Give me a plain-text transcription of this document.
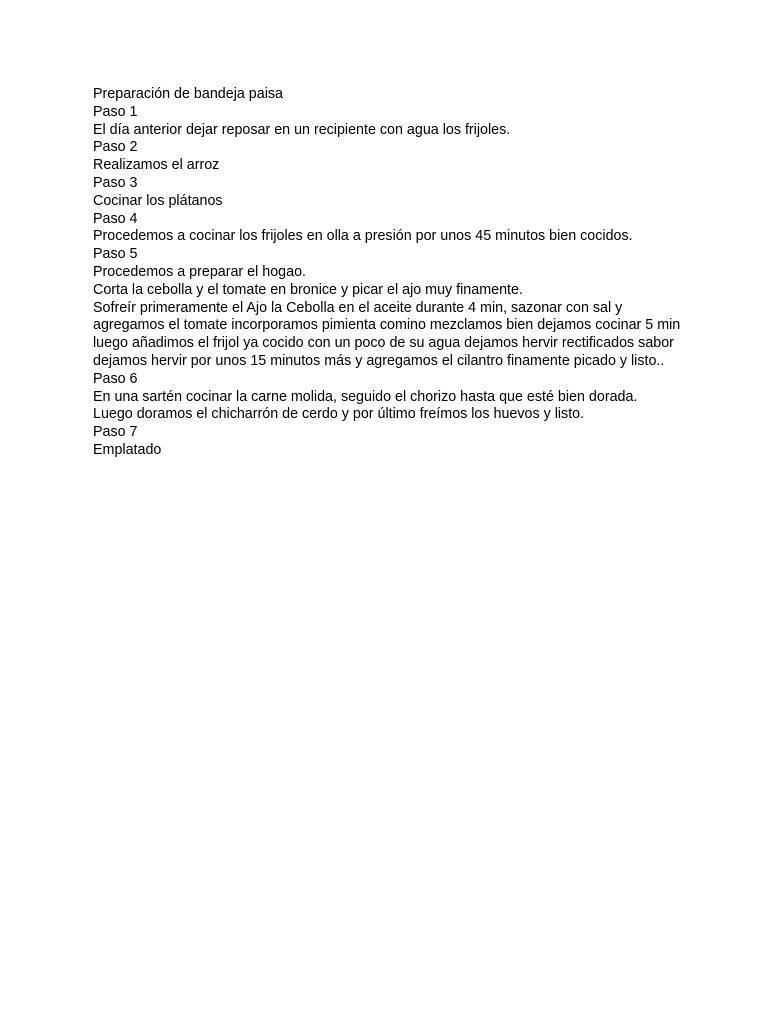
Preparación de bandeja paisa

Paso 1

El día anterior dejar reposar en un recipiente con agua los frijoles.

Paso 2

Realizamos el arroz

Paso 3

Cocinar los plátanos

Paso 4

Procedemos a cocinar los frijoles en olla a presión por unos 45 minutos bien cocidos.

Paso 5

Procedemos a preparar el hogao.

Corta la cebolla y el tomate en bronice y picar el ajo muy finamente.

Sofreír primeramente el Ajo la Cebolla en el aceite durante 4 min, sazonar con sal y agregamos el tomate incorporamos pimienta comino mezclamos bien dejamos cocinar 5 min luego añadimos el frijol ya cocido con un poco de su agua dejamos hervir rectificados sabor dejamos hervir por unos 15 minutos más y agregamos el cilantro finamente picado y listo..

Paso 6

En una sartén cocinar la carne molida, seguido el chorizo hasta que esté bien dorada.

Luego doramos el chicharrón de cerdo y por último freímos los huevos y listo.

Paso 7

Emplatado
